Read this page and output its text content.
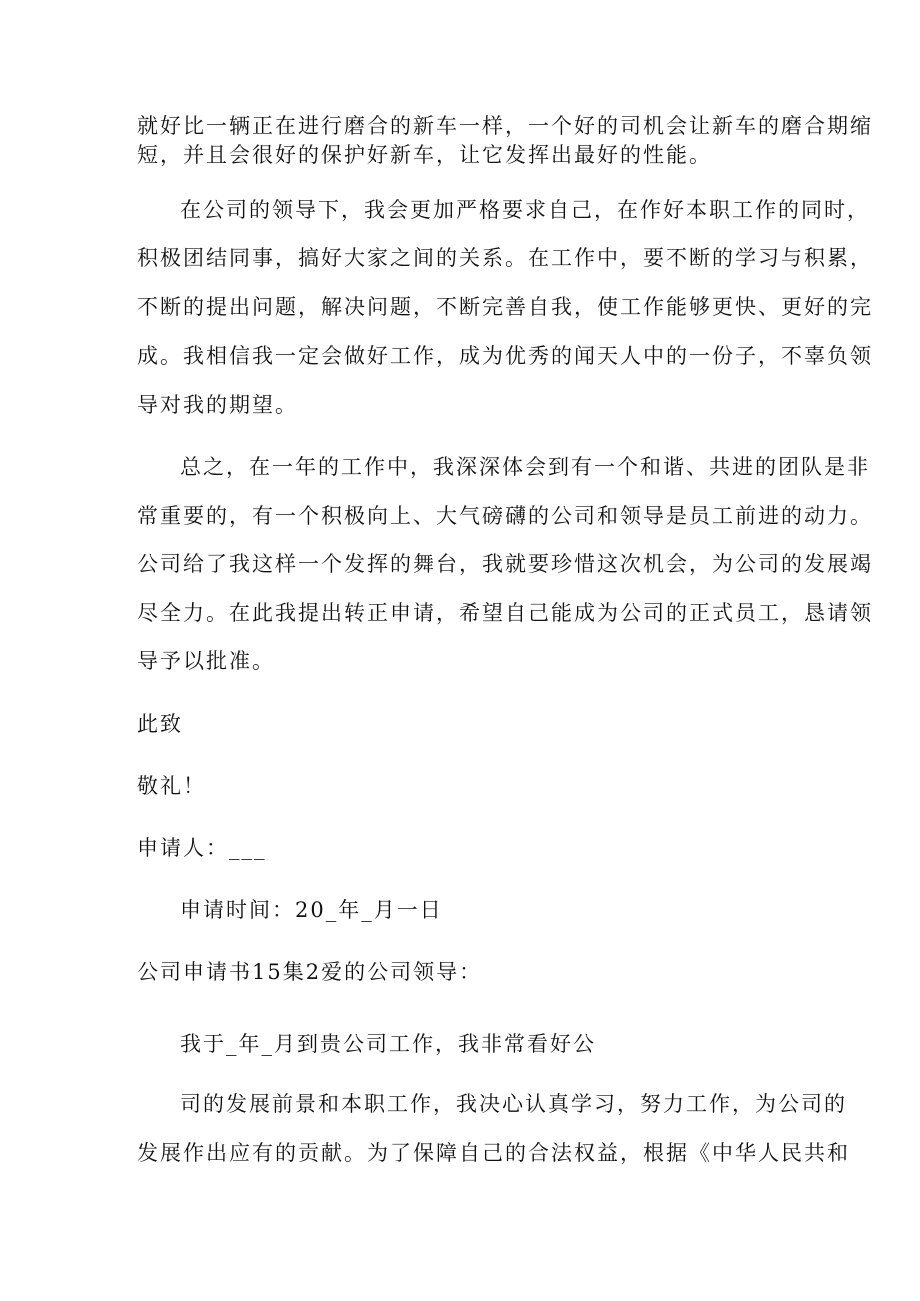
就好比一辆正在进行磨合的新车一样，一个好的司机会让新车的磨合期缩
短，并且会很好的保护好新车，让它发挥出最好的性能。
在公司的领导下，我会更加严格要求自己，在作好本职工作的同时，
积极团结同事，搞好大家之间的关系。在工作中，要不断的学习与积累，
不断的提出问题，解决问题，不断完善自我，使工作能够更快、更好的完
成。我相信我一定会做好工作，成为优秀的闻天人中的一份子，不辜负领
导对我的期望。
总之，在一年的工作中，我深深体会到有一个和谐、共进的团队是非
常重要的，有一个积极向上、大气磅礴的公司和领导是员工前进的动力。
公司给了我这样一个发挥的舞台，我就要珍惜这次机会，为公司的发展竭
尽全力。在此我提出转正申请，希望自己能成为公司的正式员工，恳请领
导予以批准。
此致
敬礼！
申请人：___
申请时间：20_年_月一日
公司申请书15集2爱的公司领导：
我于_年_月到贵公司工作，我非常看好公
司的发展前景和本职工作，我决心认真学习，努力工作，为公司的
发展作出应有的贡献。为了保障自己的合法权益，根据《中华人民共和
